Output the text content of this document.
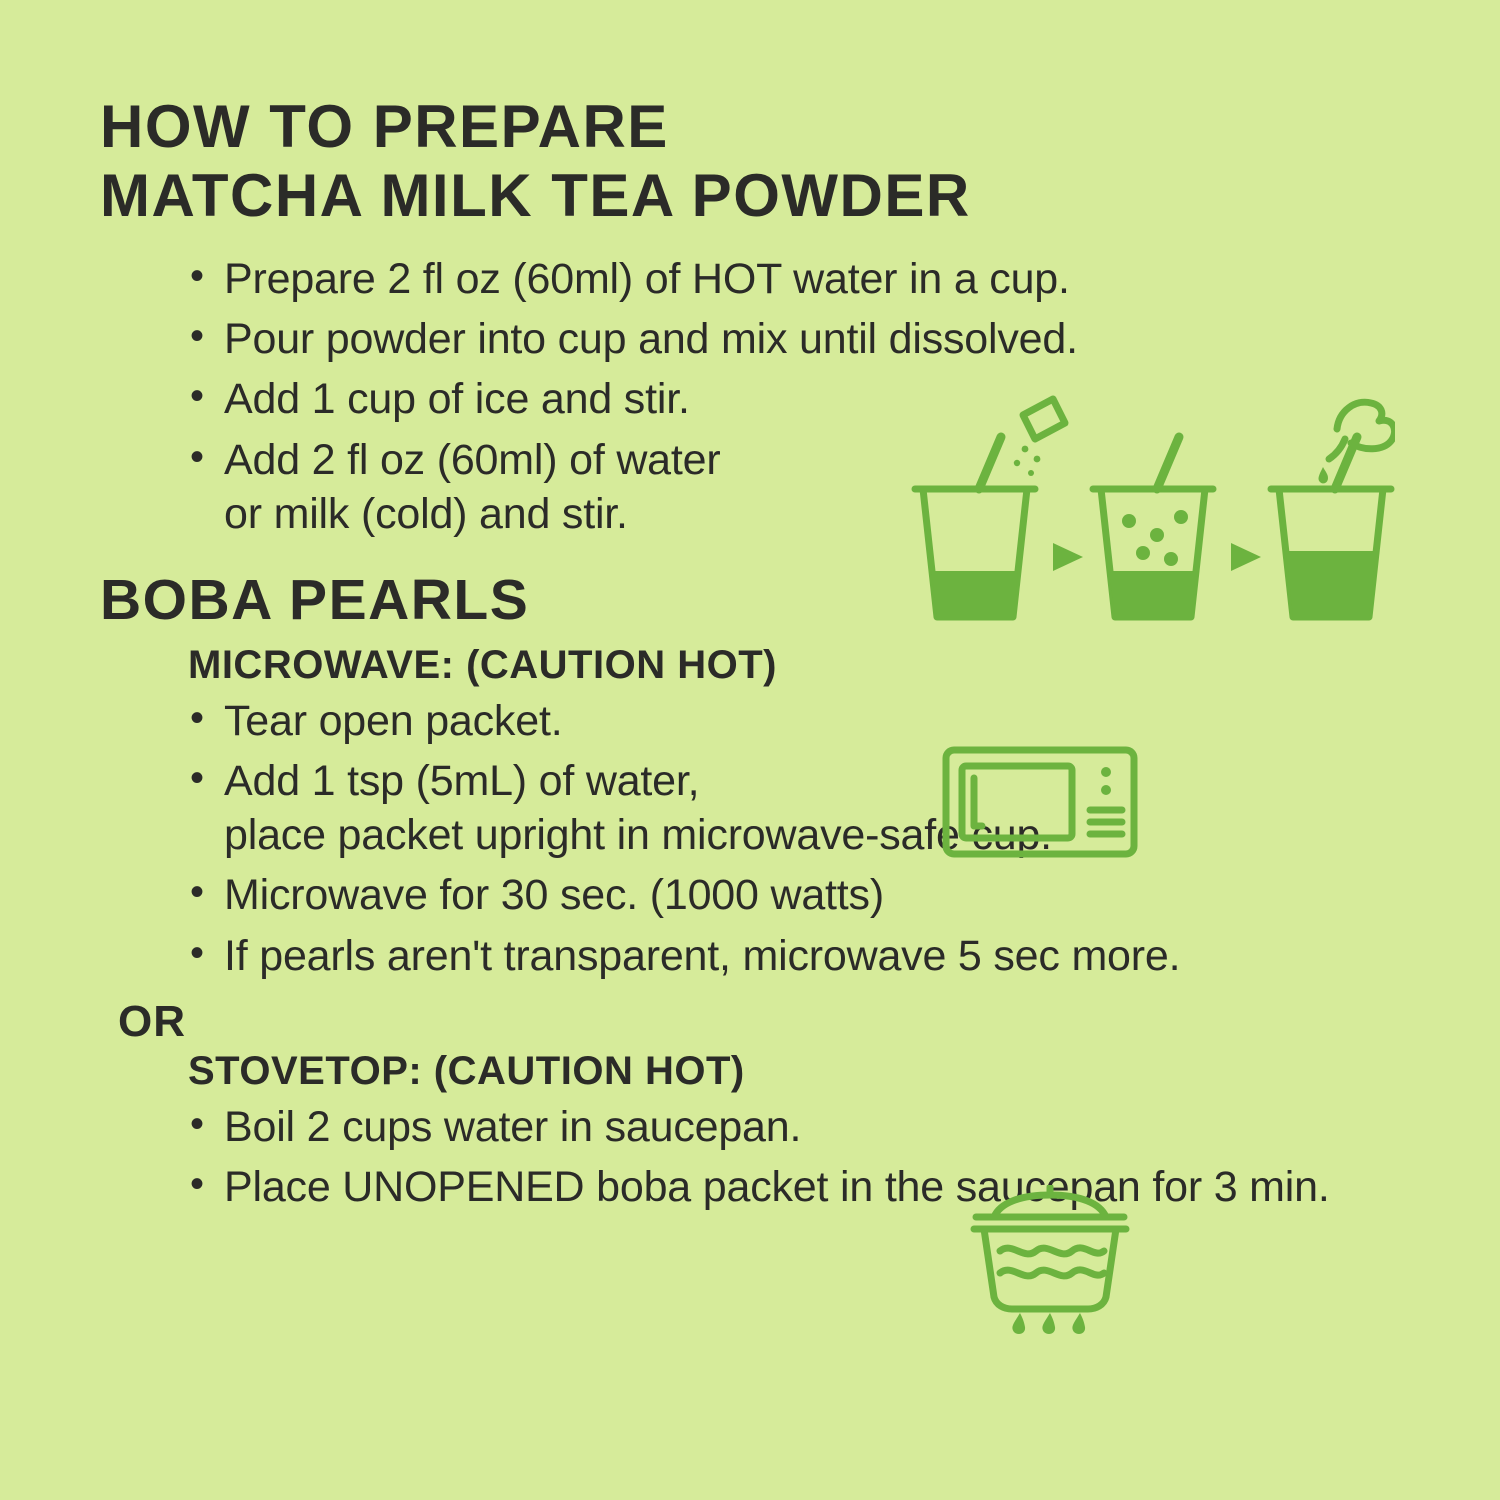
HOW TO PREPARE
MATCHA MILK TEA POWDER
• Prepare 2 fl oz (60ml) of HOT water in a cup.
• Pour powder into cup and mix until dissolved.
• Add 1 cup of ice and stir.
• Add 2 fl oz (60ml) of water
or milk (cold) and stir.
BOBA PEARLS
MICROWAVE: (CAUTION HOT)
• Tear open packet.
• Add 1 tsp (5mL) of water,
place packet upright in microwave-safe cup.
• Microwave for 30 sec. (1000 watts)
• If pearls aren't transparent, microwave 5 sec more.
OR
STOVETOP: (CAUTION HOT)
• Boil 2 cups water in saucepan.
• Place UNOPENED boba packet in the saucepan for 3 min.
